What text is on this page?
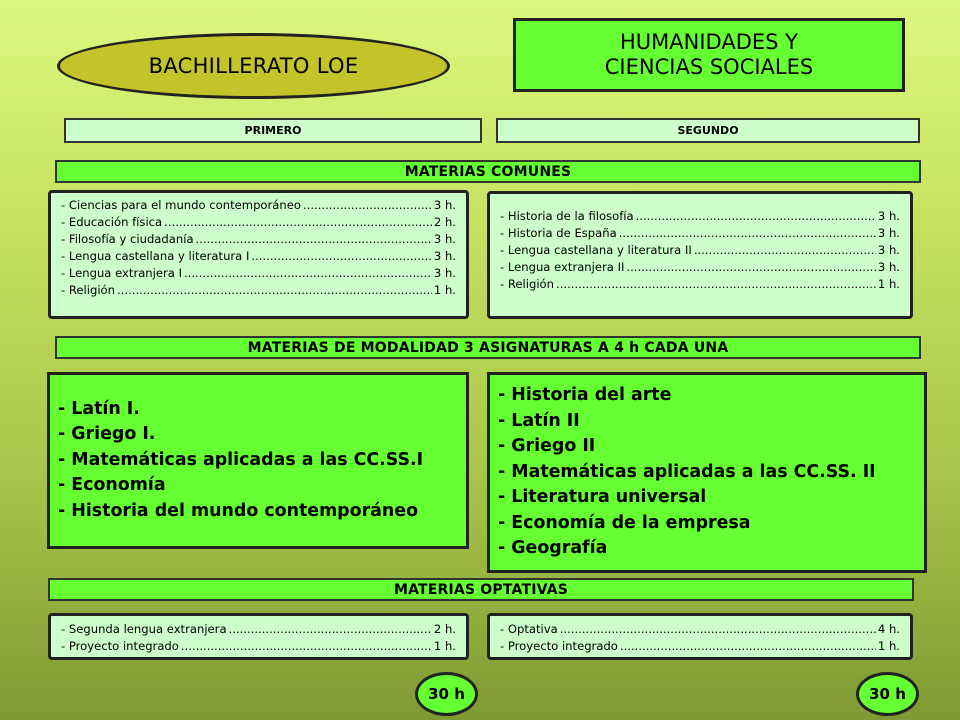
BACHILLERATO LOE
HUMANIDADES Y
CIENCIAS SOCIALES
PRIMERO	SEGUNDO
MATERIAS COMUNES
- Ciencias para el mundo contemporáneo .....	3 h.
- Educación física .....	2 h.
- Filosofía y ciudadanía .....	3 h.
- Lengua castellana y literatura I .....	3 h.
- Lengua extranjera I .....	3 h.
- Religión .....	1 h.
- Historia de la filosofía .....	3 h.
- Historia de España .....	3 h.
- Lengua castellana y literatura II .....	3 h.
- Lengua extranjera II .....	3 h.
- Religión .....	1 h.
MATERIAS DE MODALIDAD 3 ASIGNATURAS A 4 h CADA UNA
- Latín I.
- Griego I.
- Matemáticas aplicadas a las CC.SS.I
- Economía
- Historia del mundo contemporáneo
- Historia del arte
- Latín II
- Griego II
- Matemáticas aplicadas a las CC.SS. II
- Literatura universal
- Economía de la empresa
- Geografía
MATERIAS OPTATIVAS
- Segunda lengua extranjera .....	2 h.
- Proyecto integrado .....	1 h.
- Optativa .....	4 h.
- Proyecto integrado .....	1 h.
30 h	30 h
